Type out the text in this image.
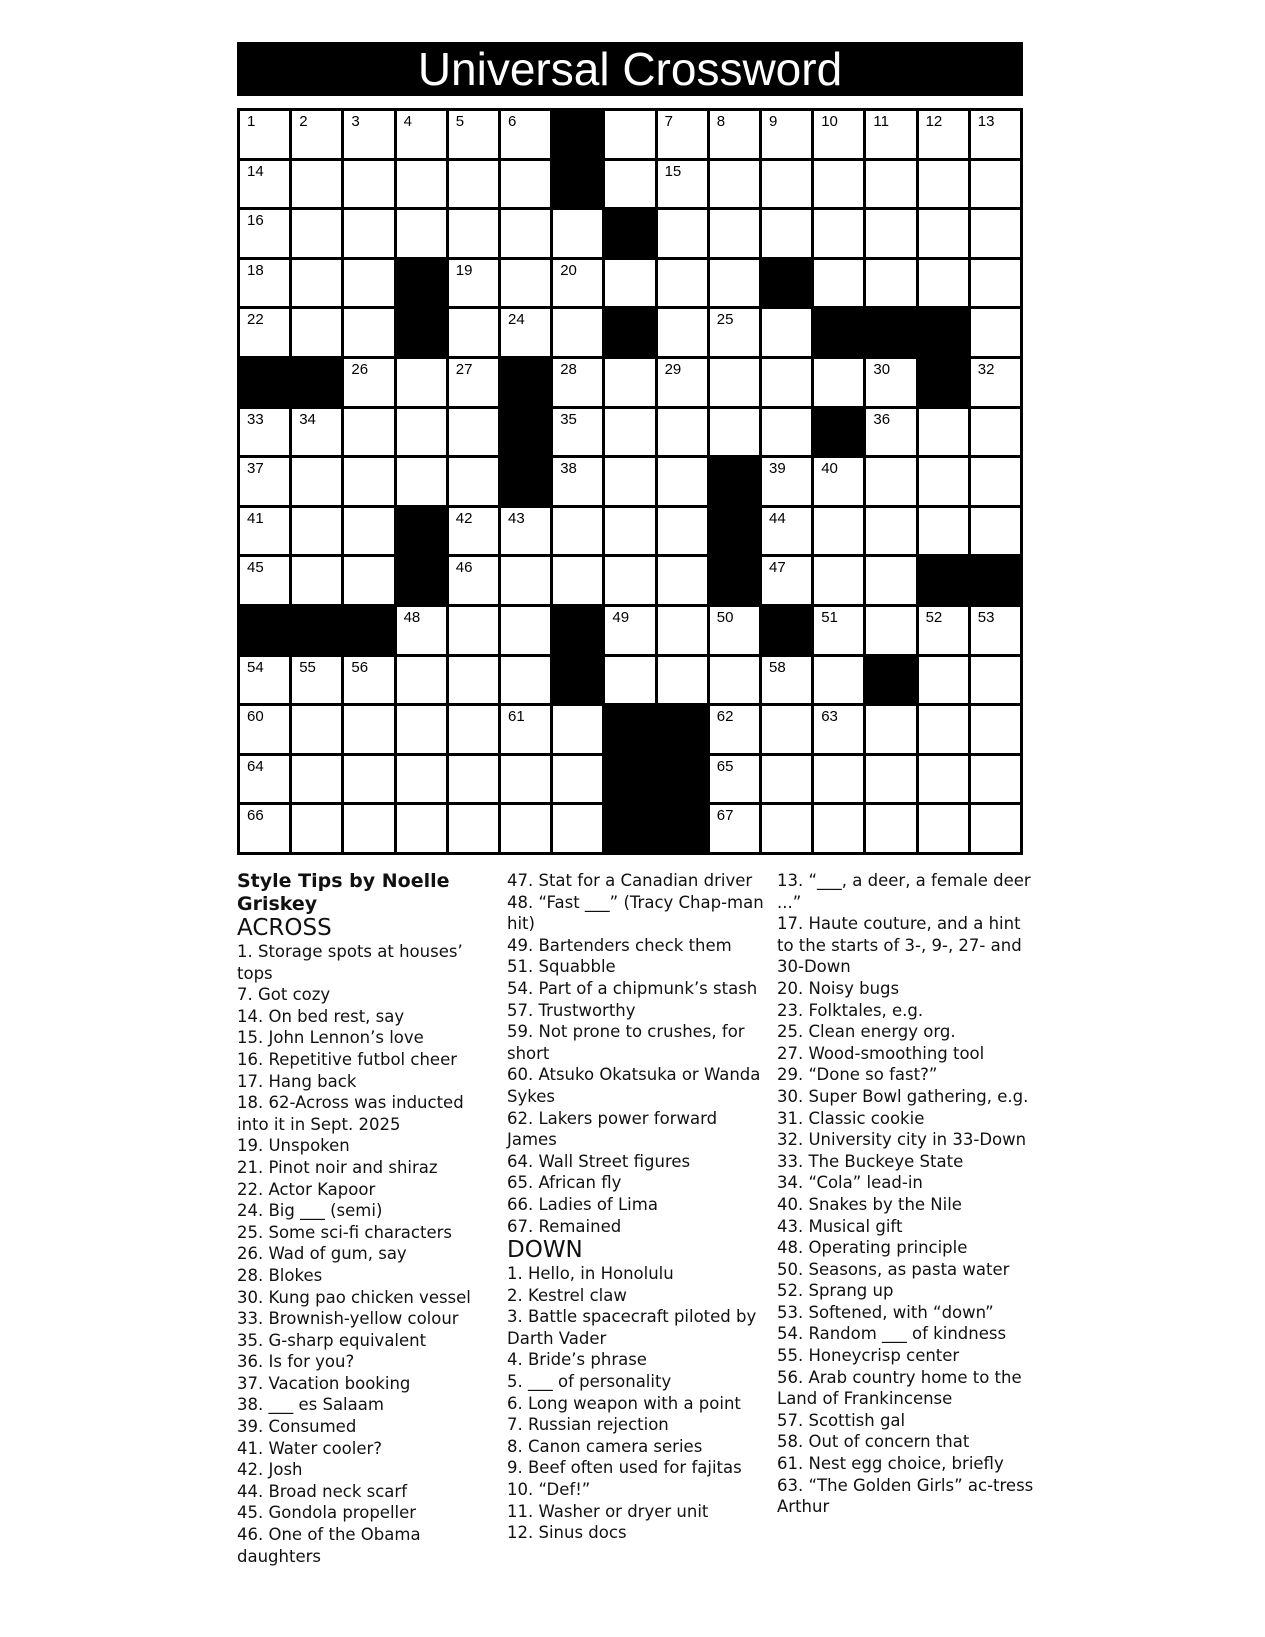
Universal Crossword
1	2	3	4	5	6	7	8	9	10 11 12 13
14	15
16
18	19	20
22	24	25
26	27	28	29	30	32
33 34	35	36
37	38	39 40
41	42 43	44
45	46	47
48	49	50	51	52 53
54 55 56	58
60	61	62	63
64	65
66	67

Style Tips by Noelle Griskey

ACROSS

1. Storage spots at houses’ tops

7. Got cozy

14. On bed rest, say

15. John Lennon’s love

16. Repetitive futbol cheer

17. Hang back

18. 62-Across was inducted into it in Sept. 2025

19. Unspoken

21. Pinot noir and shiraz

22. Actor Kapoor

24. Big ___ (semi)

25. Some sci-fi characters

26. Wad of gum, say

28. Blokes

30. Kung pao chicken vessel

33. Brownish-yellow colour

35. G-sharp equivalent

36. Is for you?

37. Vacation booking

38. ___ es Salaam

39. Consumed

41. Water cooler?

42. Josh

44. Broad neck scarf

45. Gondola propeller

46. One of the Obama daughters

47. Stat for a Canadian driver

48. “Fast ___” (Tracy Chap-man hit)

49. Bartenders check them

51. Squabble

54. Part of a chipmunk’s stash

57. Trustworthy

59. Not prone to crushes, for short

60. Atsuko Okatsuka or Wanda Sykes

62. Lakers power forward James

64. Wall Street figures

65. African fly

66. Ladies of Lima

67. Remained

DOWN

1. Hello, in Honolulu

2. Kestrel claw

3. Battle spacecraft piloted by Darth Vader

4. Bride’s phrase

5. ___ of personality

6. Long weapon with a point

7. Russian rejection

8. Canon camera series

9. Beef often used for fajitas

10. “Def!”

11. Washer or dryer unit

12. Sinus docs

13. “___, a deer, a female deer ...”

17. Haute couture, and a hint to the starts of 3-, 9-, 27- and 30-Down

20. Noisy bugs

23. Folktales, e.g.

25. Clean energy org.

27. Wood-smoothing tool

29. “Done so fast?”

30. Super Bowl gathering, e.g.

31. Classic cookie

32. University city in 33-Down

33. The Buckeye State

34. “Cola” lead-in

40. Snakes by the Nile

43. Musical gift

48. Operating principle

50. Seasons, as pasta water

52. Sprang up

53. Softened, with “down”

54. Random ___ of kindness

55. Honeycrisp center

56. Arab country home to the Land of Frankincense

57. Scottish gal

58. Out of concern that

61. Nest egg choice, briefly

63. “The Golden Girls” ac-tress Arthur
